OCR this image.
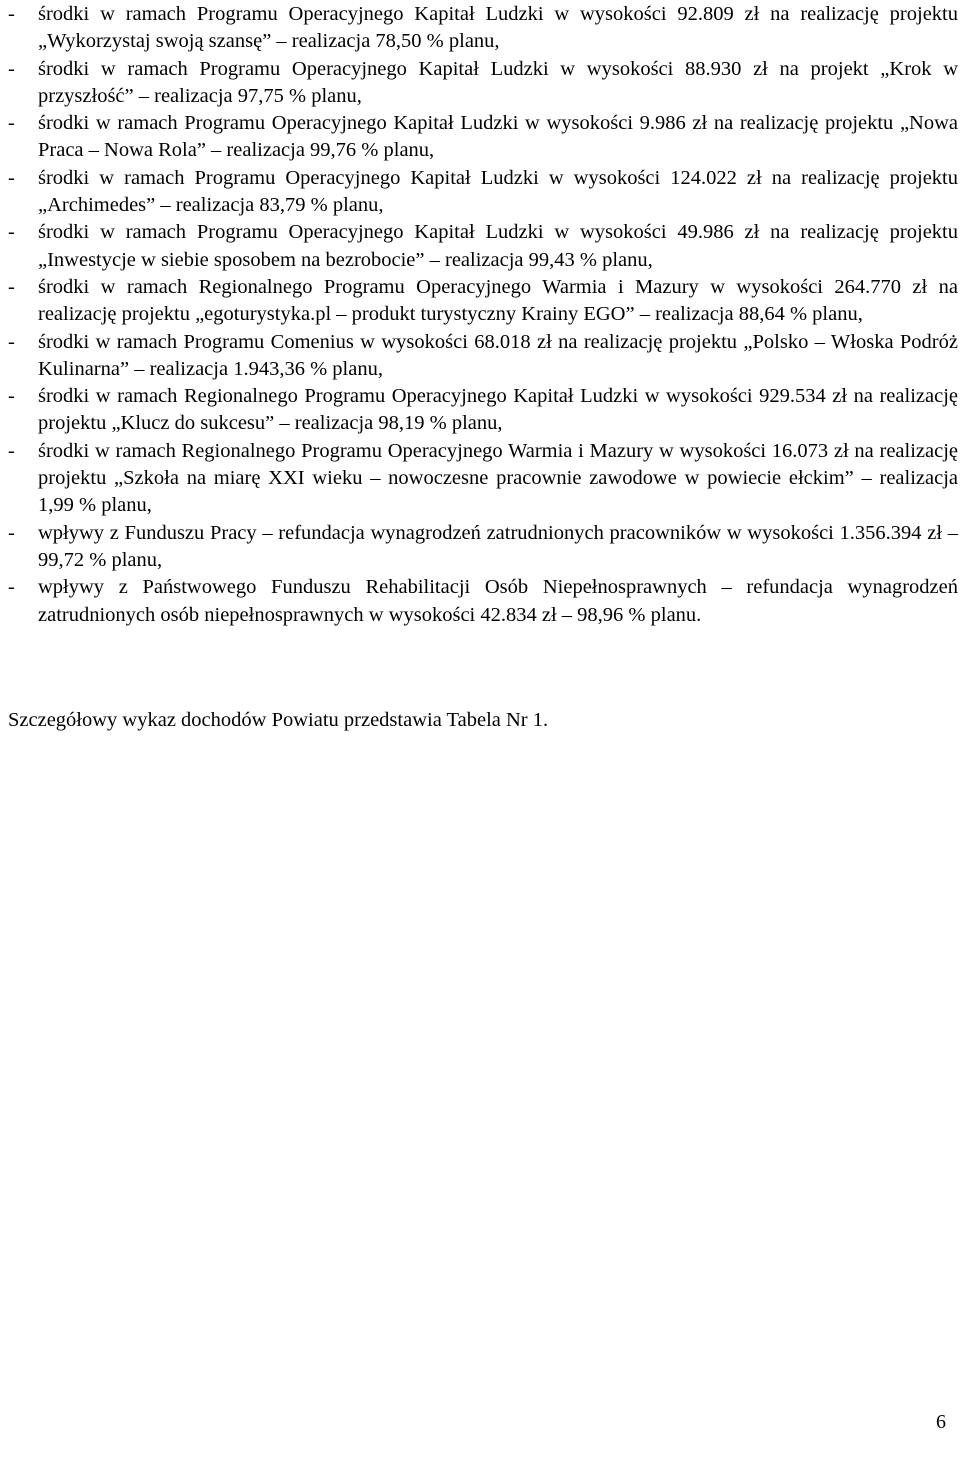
- środki w ramach Programu Operacyjnego Kapitał Ludzki w wysokości 92.809 zł na realizację projektu „Wykorzystaj swoją szansę” – realizacja 78,50 % planu,
- środki w ramach Programu Operacyjnego Kapitał Ludzki w wysokości 88.930 zł na projekt „Krok w przyszłość” – realizacja 97,75 % planu,
- środki w ramach Programu Operacyjnego Kapitał Ludzki w wysokości 9.986 zł na realizację projektu „Nowa Praca – Nowa Rola” – realizacja 99,76 % planu,
- środki w ramach Programu Operacyjnego Kapitał Ludzki w wysokości 124.022 zł na realizację projektu „Archimedes” – realizacja 83,79 % planu,
- środki w ramach Programu Operacyjnego Kapitał Ludzki w wysokości 49.986 zł na realizację projektu „Inwestycje w siebie sposobem na bezrobocie” – realizacja 99,43 % planu,
- środki w ramach Regionalnego Programu Operacyjnego Warmia i Mazury w wysokości 264.770 zł na realizację projektu „egoturystyka.pl – produkt turystyczny Krainy EGO” – realizacja 88,64 % planu,
- środki w ramach Programu Comenius w wysokości 68.018 zł na realizację projektu „Polsko – Włoska Podróż Kulinarna” – realizacja 1.943,36 % planu,
- środki w ramach Regionalnego Programu Operacyjnego Kapitał Ludzki w wysokości 929.534 zł na realizację projektu „Klucz do sukcesu” – realizacja 98,19 % planu,
- środki w ramach Regionalnego Programu Operacyjnego Warmia i Mazury w wysokości 16.073 zł na realizację projektu „Szkoła na miarę XXI wieku – nowoczesne pracownie zawodowe w powiecie ełckim” – realizacja 1,99 % planu,
- wpływy z Funduszu Pracy – refundacja wynagrodzeń zatrudnionych pracowników w wysokości 1.356.394 zł – 99,72 % planu,
- wpływy z Państwowego Funduszu Rehabilitacji Osób Niepełnosprawnych – refundacja wynagrodzeń zatrudnionych osób niepełnosprawnych w wysokości 42.834 zł – 98,96 % planu.

Szczegółowy wykaz dochodów Powiatu przedstawia Tabela Nr 1.

6
